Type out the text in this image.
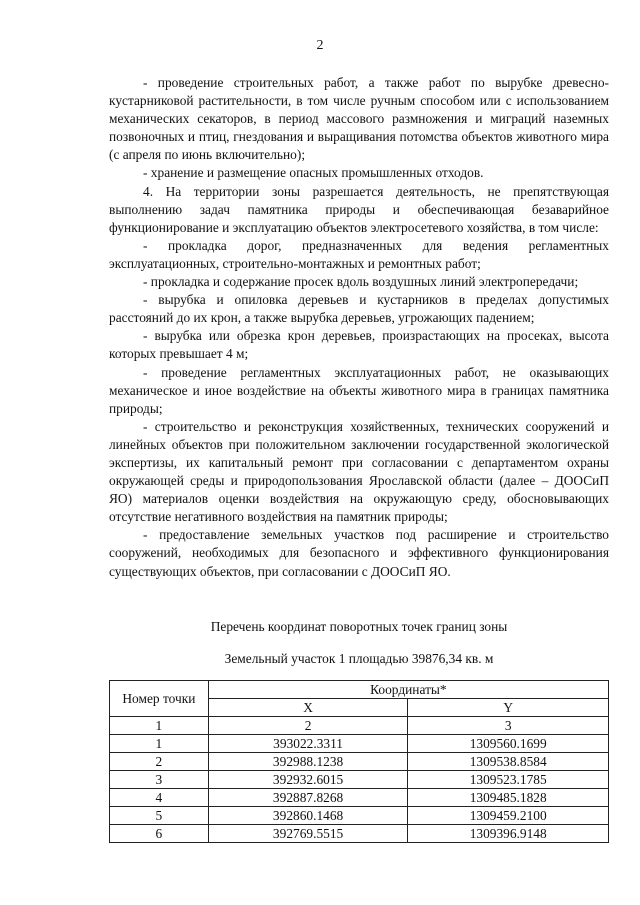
2

- проведение строительных работ, а также работ по вырубке древесно-кустарниковой растительности, в том числе ручным способом или с использованием механических секаторов, в период массового размножения и миграций наземных позвоночных и птиц, гнездования и выращивания потомства объектов животного мира (с апреля по июнь включительно);

- хранение и размещение опасных промышленных отходов.

4. На территории зоны разрешается деятельность, не препятствующая выполнению задач памятника природы и обеспечивающая безаварийное функционирование и эксплуатацию объектов электросетевого хозяйства, в том числе:

- прокладка дорог, предназначенных для ведения регламентных эксплуатационных, строительно-монтажных и ремонтных работ;

- прокладка и содержание просек вдоль воздушных линий электропередачи;

- вырубка и опиловка деревьев и кустарников в пределах допустимых расстояний до их крон, а также вырубка деревьев, угрожающих падением;

- вырубка или обрезка крон деревьев, произрастающих на просеках, высота которых превышает 4 м;

- проведение регламентных эксплуатационных работ, не оказывающих механическое и иное воздействие на объекты животного мира в границах памятника природы;

- строительство и реконструкция хозяйственных, технических сооружений и линейных объектов при положительном заключении государственной экологической экспертизы, их капитальный ремонт при согласовании с департаментом охраны окружающей среды и природопользования Ярославской области (далее – ДООСиП ЯО) материалов оценки воздействия на окружающую среду, обосновывающих отсутствие негативного воздействия на памятник природы;

- предоставление земельных участков под расширение и строительство сооружений, необходимых для безопасного и эффективного функционирования существующих объектов, при согласовании с ДООСиП ЯО.

Перечень координат поворотных точек границ зоны
Земельный участок 1 площадью 39876,34 кв. м
Номер точки	Координаты*	
	X	Y
1	2	3
1	393022.3311	1309560.1699
2	392988.1238	1309538.8584
3	392932.6015	1309523.1785
4	392887.8268	1309485.1828
5	392860.1468	1309459.2100
6	392769.5515	1309396.9148
